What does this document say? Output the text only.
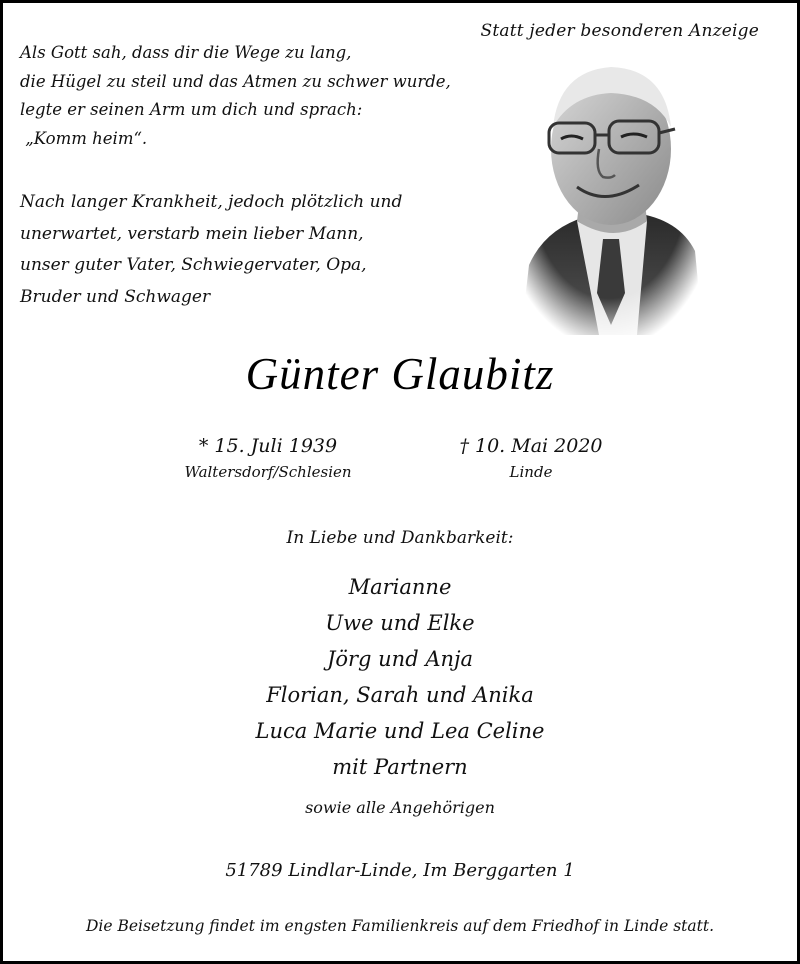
Statt jeder besonderen Anzeige
Als Gott sah, dass dir die Wege zu lang,
die Hügel zu steil und das Atmen zu schwer wurde,
legte er seinen Arm um dich und sprach:
„Komm heim“.
Nach langer Krankheit, jedoch plötzlich und
unerwartet, verstarb mein lieber Mann,
unser guter Vater, Schwiegervater, Opa,
Bruder und Schwager
Günter Glaubitz
* 15. Juli 1939
Waltersdorf/Schlesien
† 10. Mai 2020
Linde
In Liebe und Dankbarkeit:
Marianne
Uwe und Elke
Jörg und Anja
Florian, Sarah und Anika
Luca Marie und Lea Celine
mit Partnern
sowie alle Angehörigen
51789 Lindlar-Linde, Im Berggarten 1
Die Beisetzung findet im engsten Familienkreis auf dem Friedhof in Linde statt.
